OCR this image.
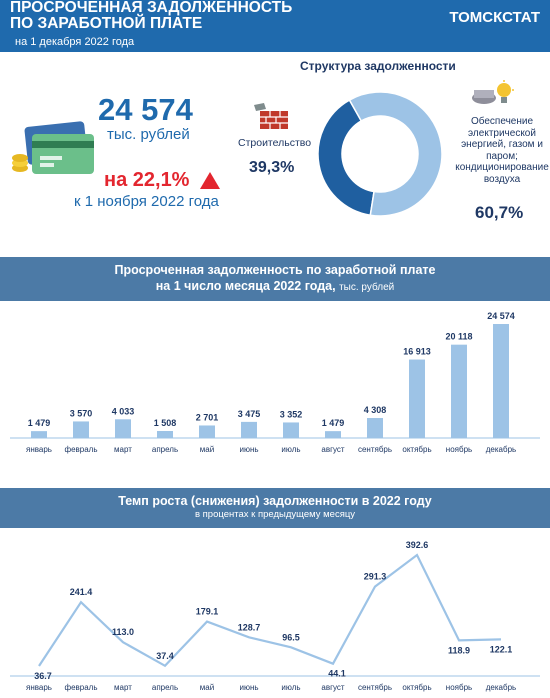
ПРОСРОЧЕННАЯ ЗАДОЛЖЕННОСТЬ
ПО ЗАРАБОТНОЙ ПЛАТЕ	ТОМСКСТАТ
на 1 декабря 2022 года
24 574
тыс. рублей
на 22,1%
к 1 ноября 2022 года
Структура задолженности
Строительство
39,3%
Обеспечение электрической энергией, газом и паром; кондиционирование воздуха
60,7%
Просроченная задолженность по заработной плате
на 1 число месяца 2022 года, тыс. рублей
1 479
январь
3 570
февраль
4 033
март
1 508
апрель
2 701
май
3 475
июнь
3 352
июль
1 479
август
4 308
сентябрь
16 913
октябрь
20 118
ноябрь
24 574
декабрь
Темп роста (снижения) задолженности в 2022 году
в процентах к предыдущему месяцу
36.7
январь
241.4
февраль
113.0
март
37.4
апрель
179.1
май
128.7
июнь
96.5
июль
44.1
август
291.3
сентябрь
392.6
октябрь
118.9
ноябрь
122.1
декабрь
